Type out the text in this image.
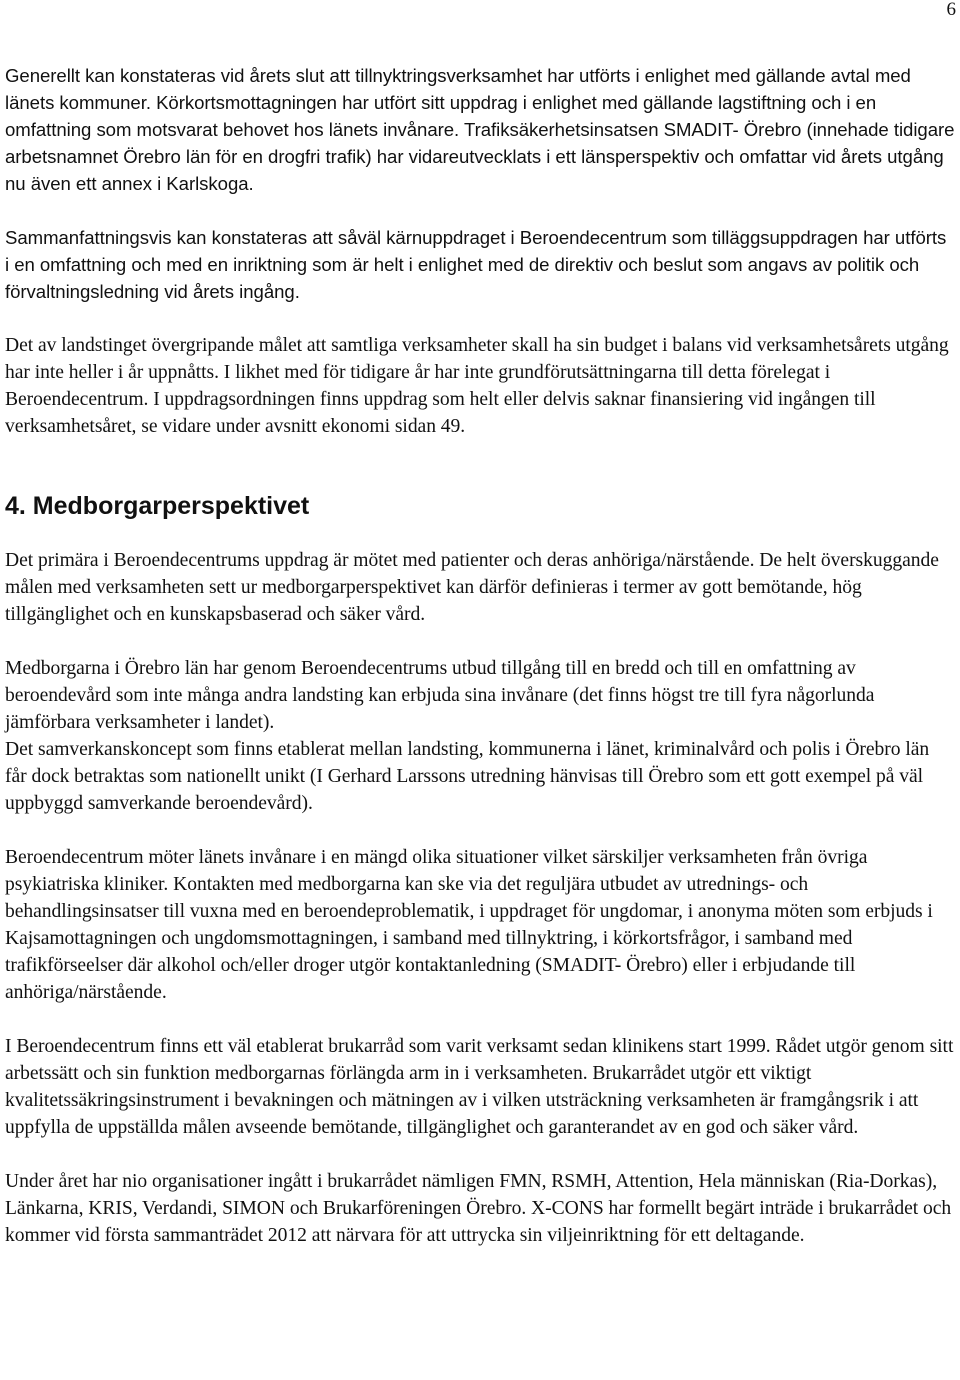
6

Generellt kan konstateras vid årets slut att tillnyktringsverksamhet har utförts i enlighet med gällande avtal med länets kommuner. Körkortsmottagningen har utfört sitt uppdrag i enlighet med gällande lagstiftning och i en omfattning som motsvarat behovet hos länets invånare. Trafiksäkerhetsinsatsen SMADIT- Örebro (innehade tidigare arbetsnamnet Örebro län för en drogfri trafik) har vidareutvecklats i ett länsperspektiv och omfattar vid årets utgång nu även ett annex i Karlskoga.

Sammanfattningsvis kan konstateras att såväl kärnuppdraget i Beroendecentrum som tilläggsuppdragen har utförts i en omfattning och med en inriktning som är helt i enlighet med de direktiv och beslut som angavs av politik och förvaltningsledning vid årets ingång.

Det av landstinget övergripande målet att samtliga verksamheter skall ha sin budget i balans vid verksamhetsårets utgång har inte heller i år uppnåtts. I likhet med för tidigare år har inte grundförutsättningarna till detta förelegat i Beroendecentrum. I uppdragsordningen finns uppdrag som helt eller delvis saknar finansiering vid ingången till verksamhetsåret, se vidare under avsnitt ekonomi sidan 49.

4. Medborgarperspektivet

Det primära i Beroendecentrums uppdrag är mötet med patienter och deras anhöriga/närstående. De helt överskuggande målen med verksamheten sett ur medborgarperspektivet kan därför definieras i termer av gott bemötande, hög tillgänglighet och en kunskapsbaserad och säker vård.

Medborgarna i Örebro län har genom Beroendecentrums utbud tillgång till en bredd och till en omfattning av beroendevård som inte många andra landsting kan erbjuda sina invånare (det finns högst tre till fyra någorlunda jämförbara verksamheter i landet).

Det samverkanskoncept som finns etablerat mellan landsting, kommunerna i länet, kriminalvård och polis i Örebro län får dock betraktas som nationellt unikt (I Gerhard Larssons utredning hänvisas till Örebro som ett gott exempel på väl uppbyggd samverkande beroendevård).

Beroendecentrum möter länets invånare i en mängd olika situationer vilket särskiljer verksamheten från övriga psykiatriska kliniker. Kontakten med medborgarna kan ske via det reguljära utbudet av utrednings- och behandlingsinsatser till vuxna med en beroendeproblematik, i uppdraget för ungdomar, i anonyma möten som erbjuds i Kajsamottagningen och ungdomsmottagningen, i samband med tillnyktring, i körkortsfrågor, i samband med trafikförseelser där alkohol och/eller droger utgör kontaktanledning (SMADIT- Örebro) eller i erbjudande till anhöriga/närstående.

I Beroendecentrum finns ett väl etablerat brukarråd som varit verksamt sedan klinikens start 1999. Rådet utgör genom sitt arbetssätt och sin funktion medborgarnas förlängda arm in i verksamheten. Brukarrådet utgör ett viktigt kvalitetssäkringsinstrument i bevakningen och mätningen av i vilken utsträckning verksamheten är framgångsrik i att uppfylla de uppställda målen avseende bemötande, tillgänglighet och garanterandet av en god och säker vård.

Under året har nio organisationer ingått i brukarrådet nämligen FMN, RSMH, Attention, Hela människan (Ria-Dorkas), Länkarna, KRIS, Verdandi, SIMON och Brukarföreningen Örebro. X-CONS har formellt begärt inträde i brukarrådet och kommer vid första sammanträdet 2012 att närvara för att uttrycka sin viljeinriktning för ett deltagande.
